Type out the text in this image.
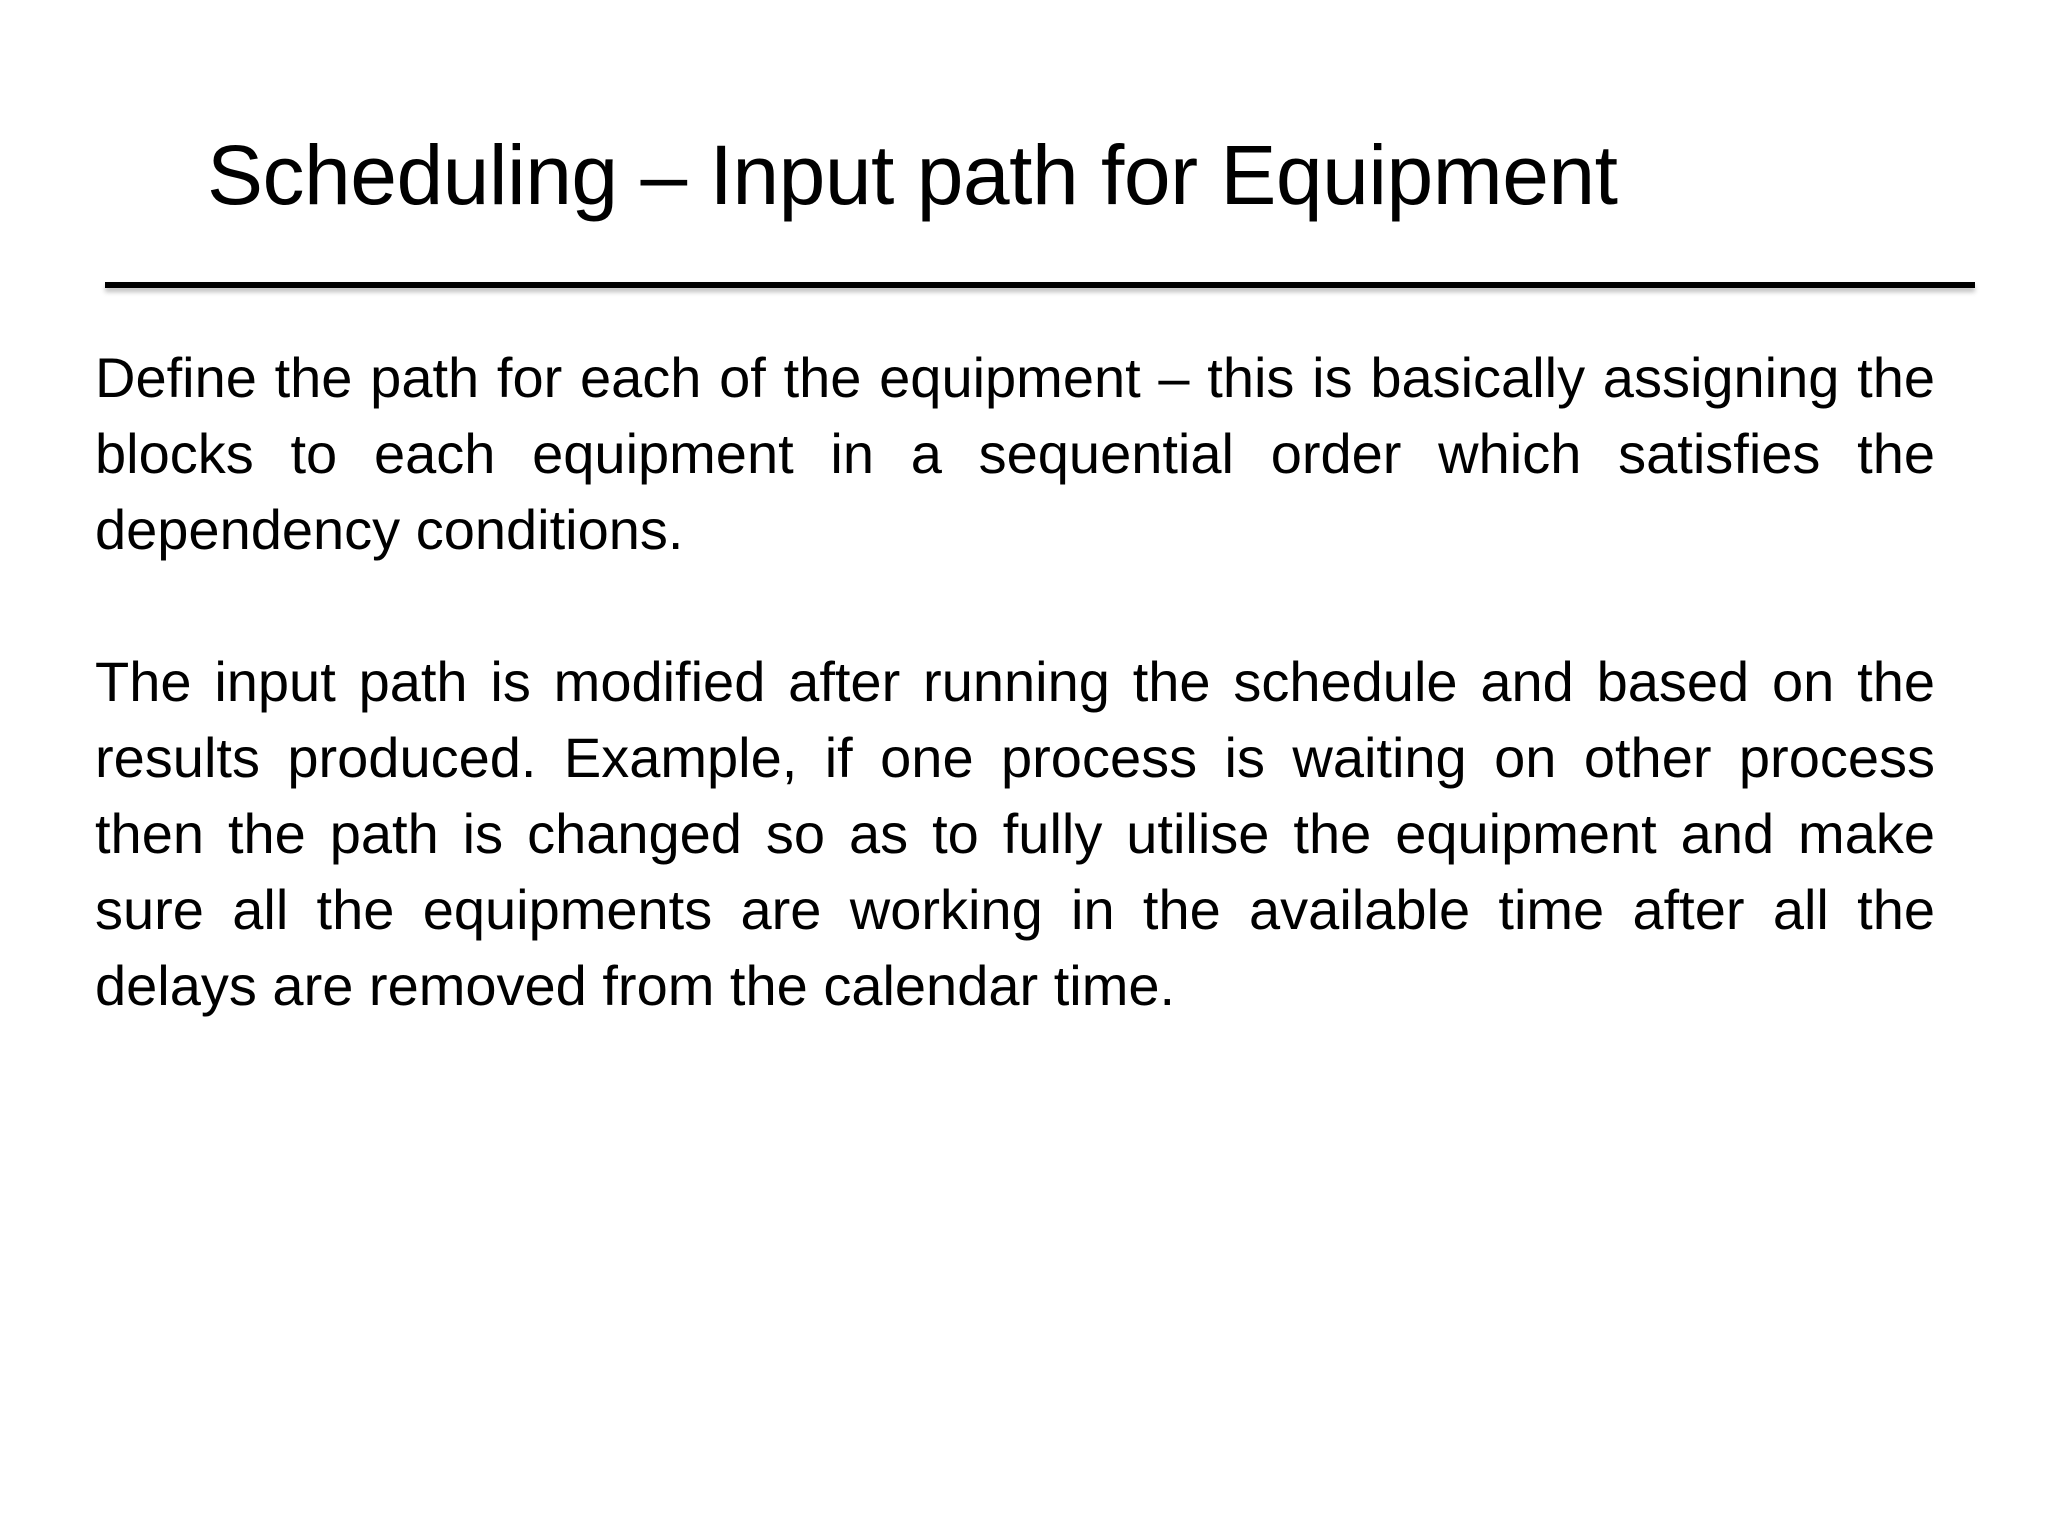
Scheduling – Input path for Equipment

Define the path for each of the equipment – this is basically assigning the blocks to each equipment in a sequential order which satisfies the dependency conditions.

The input path is modified after running the schedule and based on the results produced. Example, if one process is waiting on other process then the path is changed so as to fully utilise the equipment and make sure all the equipments are working in the available time after all the delays are removed from the calendar time.
